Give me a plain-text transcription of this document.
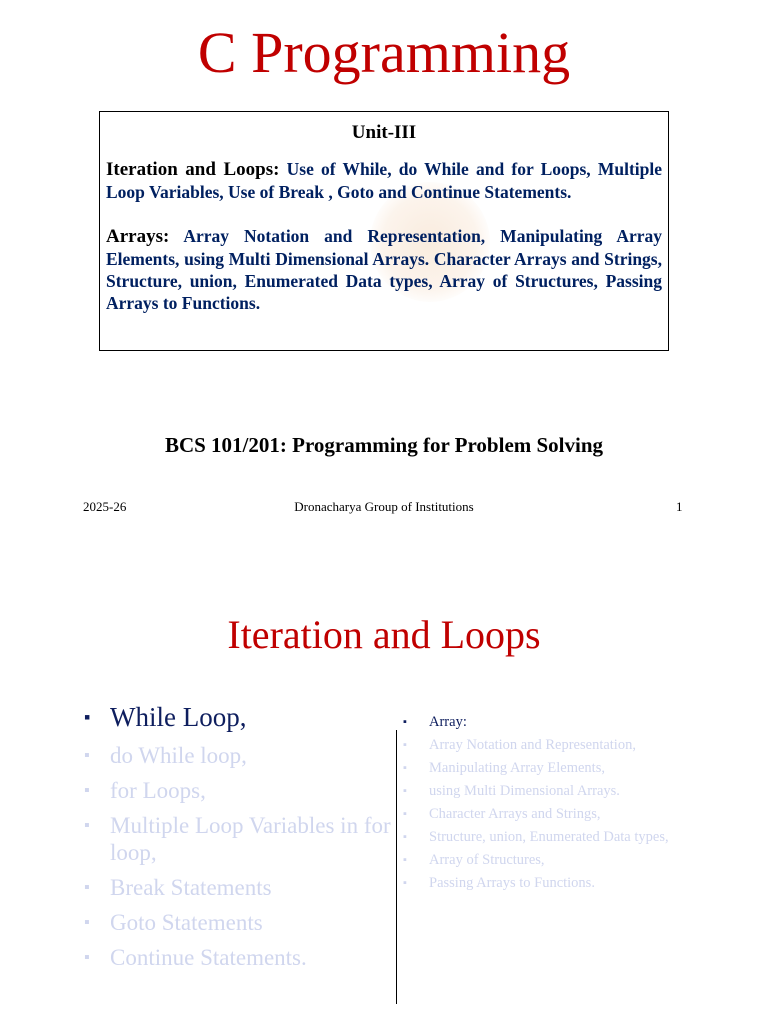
C Programming
Unit-III

Iteration and Loops: Use of While, do While and for Loops, Multiple Loop Variables, Use of Break , Goto and Continue Statements.

Arrays: Array Notation and Representation, Manipulating Array Elements, using Multi Dimensional Arrays. Character Arrays and Strings, Structure, union, Enumerated Data types, Array of Structures, Passing Arrays to Functions.

BCS 101/201: Programming for Problem Solving
2025-26	Dronacharya Group of Institutions	1
Iteration and Loops
▪ While Loop,
▪ do While loop,
▪ for Loops,
▪ Multiple Loop Variables in for loop,
▪ Break Statements
▪ Goto Statements
▪ Continue Statements.
▪ Array:
▪ Array Notation and Representation,
▪ Manipulating Array Elements,
▪ using Multi Dimensional Arrays.
▪ Character Arrays and Strings,
▪ Structure, union, Enumerated Data types,
▪ Array of Structures,
▪ Passing Arrays to Functions.
